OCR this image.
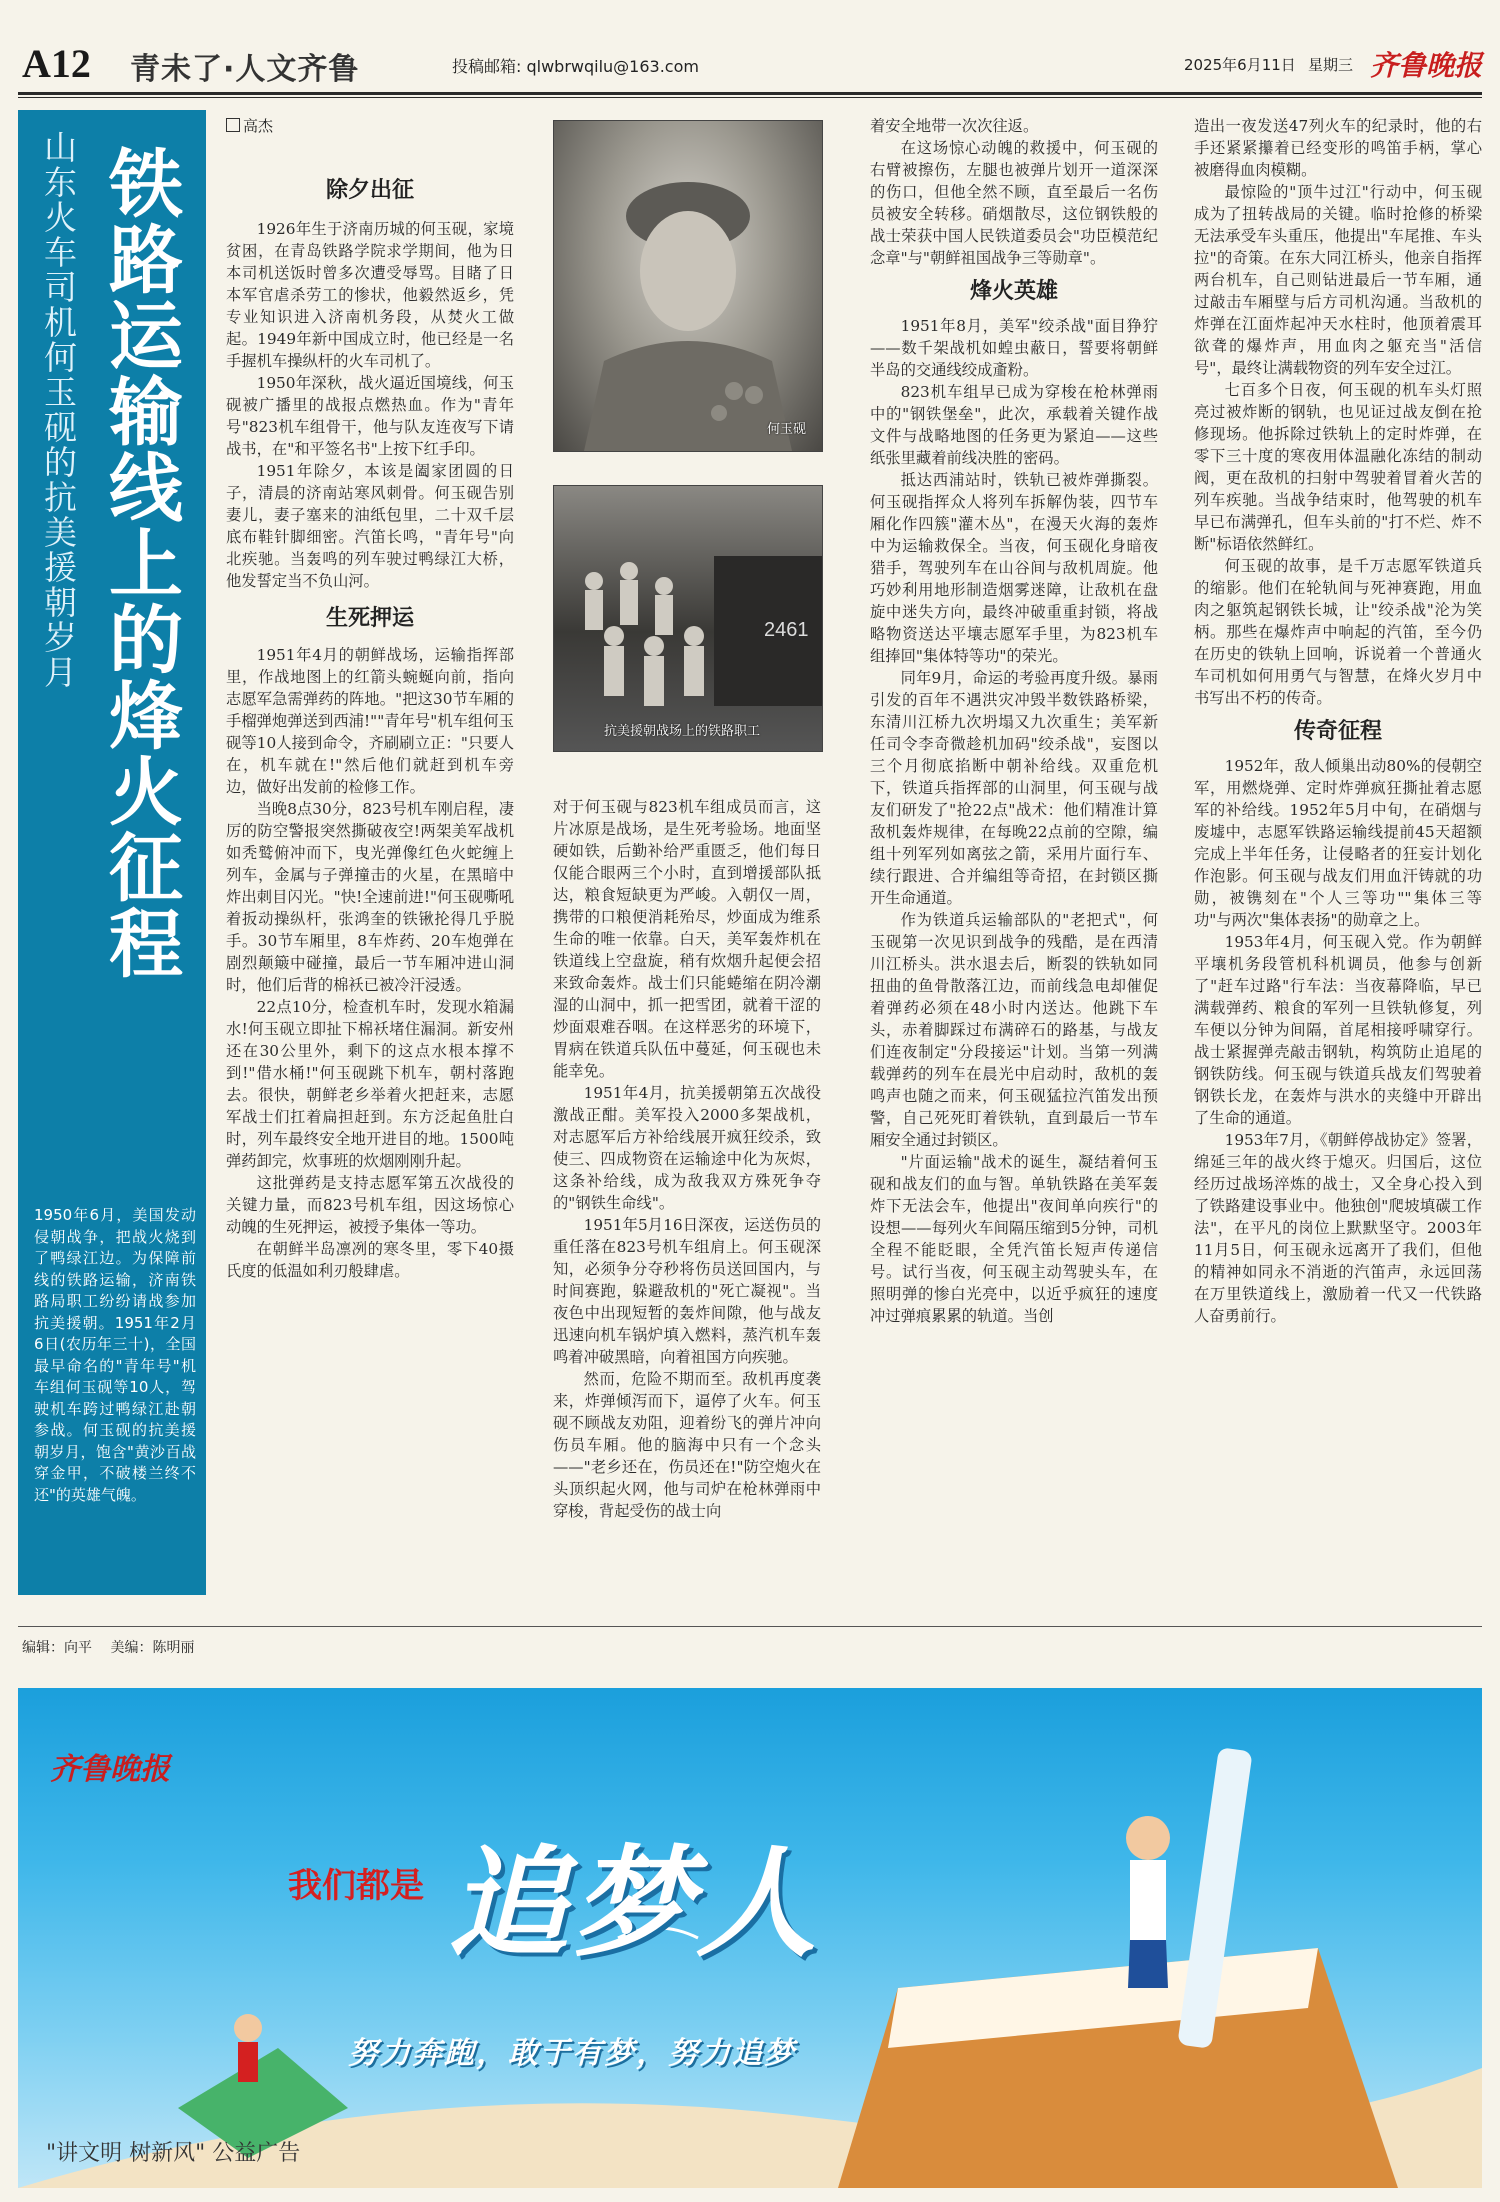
A12 青未了·人文齐鲁	投稿邮箱: qlwbrwqilu@163.com	2025年6月11日 星期三 齐鲁晚报
铁路运输线上的烽火征程
山东火车司机何玉砚的抗美援朝岁月
1950年6月，美国发动侵朝战争，把战火烧到了鸭绿江边。为保障前线的铁路运输，济南铁路局职工纷纷请战参加抗美援朝。1951年2月6日(农历年三十)，全国最早命名的"青年号"机车组何玉砚等10人，驾驶机车跨过鸭绿江赴朝参战。何玉砚的抗美援朝岁月，饱含"黄沙百战穿金甲，不破楼兰终不还"的英雄气魄。
高杰
除夕出征

1926年生于济南历城的何玉砚，家境贫困，在青岛铁路学院求学期间，他为日本司机送饭时曾多次遭受辱骂。目睹了日本军官虐杀劳工的惨状，他毅然返乡，凭专业知识进入济南机务段，从焚火工做起。1949年新中国成立时，他已经是一名手握机车操纵杆的火车司机了。

1950年深秋，战火逼近国境线，何玉砚被广播里的战报点燃热血。作为"青年号"823机车组骨干，他与队友连夜写下请战书，在"和平签名书"上按下红手印。

1951年除夕，本该是阖家团圆的日子，清晨的济南站寒风刺骨。何玉砚告别妻儿，妻子塞来的油纸包里，二十双千层底布鞋针脚细密。汽笛长鸣，"青年号"向北疾驰。当轰鸣的列车驶过鸭绿江大桥，他发誓定当不负山河。

生死押运

1951年4月的朝鲜战场，运输指挥部里，作战地图上的红箭头蜿蜒向前，指向志愿军急需弹药的阵地。"把这30节车厢的手榴弹炮弹送到西浦!""青年号"机车组何玉砚等10人接到命令，齐刷刷立正："只要人在，机车就在!"然后他们就赶到机车旁边，做好出发前的检修工作。

当晚8点30分，823号机车刚启程，凄厉的防空警报突然撕破夜空!两架美军战机如秃鹫俯冲而下，曳光弹像红色火蛇缠上列车，金属与子弹撞击的火星，在黑暗中炸出刺目闪光。"快!全速前进!"何玉砚嘶吼着扳动操纵杆，张鸿奎的铁锹抡得几乎脱手。30节车厢里，8车炸药、20车炮弹在剧烈颠簸中碰撞，最后一节车厢冲进山洞时，他们后背的棉袄已被冷汗浸透。

22点10分，检查机车时，发现水箱漏水!何玉砚立即扯下棉袄堵住漏洞。新安州还在30公里外，剩下的这点水根本撑不到!"借水桶!"何玉砚跳下机车，朝村落跑去。很快，朝鲜老乡举着火把赶来，志愿军战士们扛着扁担赶到。东方泛起鱼肚白时，列车最终安全地开进目的地。1500吨弹药卸完，炊事班的炊烟刚刚升起。

这批弹药是支持志愿军第五次战役的关键力量，而823号机车组，因这场惊心动魄的生死押运，被授予集体一等功。

在朝鲜半岛凛冽的寒冬里，零下40摄氏度的低温如利刃般肆虐。

何玉砚
2461
抗美援朝战场上的铁路职工

对于何玉砚与823机车组成员而言，这片冰原是战场，是生死考验场。地面坚硬如铁，后勤补给严重匮乏，他们每日仅能合眼两三个小时，直到增援部队抵达，粮食短缺更为严峻。入朝仅一周，携带的口粮便消耗殆尽，炒面成为维系生命的唯一依靠。白天，美军轰炸机在铁道线上空盘旋，稍有炊烟升起便会招来致命轰炸。战士们只能蜷缩在阴冷潮湿的山洞中，抓一把雪团，就着干涩的炒面艰难吞咽。在这样恶劣的环境下，胃病在铁道兵队伍中蔓延，何玉砚也未能幸免。

1951年4月，抗美援朝第五次战役激战正酣。美军投入2000多架战机，对志愿军后方补给线展开疯狂绞杀，致使三、四成物资在运输途中化为灰烬，这条补给线，成为敌我双方殊死争夺的"钢铁生命线"。

1951年5月16日深夜，运送伤员的重任落在823号机车组肩上。何玉砚深知，必须争分夺秒将伤员送回国内，与时间赛跑，躲避敌机的"死亡凝视"。当夜色中出现短暂的轰炸间隙，他与战友迅速向机车锅炉填入燃料，蒸汽机车轰鸣着冲破黑暗，向着祖国方向疾驰。

然而，危险不期而至。敌机再度袭来，炸弹倾泻而下，逼停了火车。何玉砚不顾战友劝阻，迎着纷飞的弹片冲向伤员车厢。他的脑海中只有一个念头——"老乡还在，伤员还在!"防空炮火在头顶织起火网，他与司炉在枪林弹雨中穿梭，背起受伤的战士向

着安全地带一次次往返。

在这场惊心动魄的救援中，何玉砚的右臂被擦伤，左腿也被弹片划开一道深深的伤口，但他全然不顾，直至最后一名伤员被安全转移。硝烟散尽，这位钢铁般的战士荣获中国人民铁道委员会"功臣模范纪念章"与"朝鲜祖国战争三等勋章"。

烽火英雄

1951年8月，美军"绞杀战"面目狰狞——数千架战机如蝗虫蔽日，誓要将朝鲜半岛的交通线绞成齑粉。

823机车组早已成为穿梭在枪林弹雨中的"钢铁堡垒"，此次，承载着关键作战文件与战略地图的任务更为紧迫——这些纸张里藏着前线决胜的密码。

抵达西浦站时，铁轨已被炸弹撕裂。何玉砚指挥众人将列车拆解伪装，四节车厢化作四簇"灌木丛"，在漫天火海的轰炸中为运输救保全。当夜，何玉砚化身暗夜猎手，驾驶列车在山谷间与敌机周旋。他巧妙利用地形制造烟雾迷障，让敌机在盘旋中迷失方向，最终冲破重重封锁，将战略物资送达平壤志愿军手里，为823机车组捧回"集体特等功"的荣光。

同年9月，命运的考验再度升级。暴雨引发的百年不遇洪灾冲毁半数铁路桥梁，东清川江桥九次坍塌又九次重生；美军新任司令李奇微趁机加码"绞杀战"，妄图以三个月彻底掐断中朝补给线。双重危机下，铁道兵指挥部的山洞里，何玉砚与战友们研发了"抢22点"战术：他们精准计算敌机轰炸规律，在每晚22点前的空隙，编组十列军列如离弦之箭，采用片面行车、续行跟进、合并编组等奇招，在封锁区撕开生命通道。

作为铁道兵运输部队的"老把式"，何玉砚第一次见识到战争的残酷，是在西清川江桥头。洪水退去后，断裂的铁轨如同扭曲的鱼骨散落江边，而前线急电却催促着弹药必须在48小时内送达。他跳下车头，赤着脚踩过布满碎石的路基，与战友们连夜制定"分段接运"计划。当第一列满载弹药的列车在晨光中启动时，敌机的轰鸣声也随之而来，何玉砚猛拉汽笛发出预警，自己死死盯着铁轨，直到最后一节车厢安全通过封锁区。

"片面运输"战术的诞生，凝结着何玉砚和战友们的血与智。单轨铁路在美军轰炸下无法会车，他提出"夜间单向疾行"的设想——每列火车间隔压缩到5分钟，司机全程不能眨眼，全凭汽笛长短声传递信号。试行当夜，何玉砚主动驾驶头车，在照明弹的惨白光亮中，以近乎疯狂的速度冲过弹痕累累的轨道。当创

造出一夜发送47列火车的纪录时，他的右手还紧紧攥着已经变形的鸣笛手柄，掌心被磨得血肉模糊。

最惊险的"顶牛过江"行动中，何玉砚成为了扭转战局的关键。临时抢修的桥梁无法承受车头重压，他提出"车尾推、车头拉"的奇策。在东大同江桥头，他亲自指挥两台机车，自己则钻进最后一节车厢，通过敲击车厢壁与后方司机沟通。当敌机的炸弹在江面炸起冲天水柱时，他顶着震耳欲聋的爆炸声，用血肉之躯充当"活信号"，最终让满载物资的列车安全过江。

七百多个日夜，何玉砚的机车头灯照亮过被炸断的钢轨，也见证过战友倒在抢修现场。他拆除过铁轨上的定时炸弹，在零下三十度的寒夜用体温融化冻结的制动阀，更在敌机的扫射中驾驶着冒着火苦的列车疾驰。当战争结束时，他驾驶的机车早已布满弹孔，但车头前的"打不烂、炸不断"标语依然鲜红。

何玉砚的故事，是千万志愿军铁道兵的缩影。他们在轮轨间与死神赛跑，用血肉之躯筑起钢铁长城，让"绞杀战"沦为笑柄。那些在爆炸声中响起的汽笛，至今仍在历史的铁轨上回响，诉说着一个普通火车司机如何用勇气与智慧，在烽火岁月中书写出不朽的传奇。

传奇征程

1952年，敌人倾巢出动80%的侵朝空军，用燃烧弹、定时炸弹疯狂撕扯着志愿军的补给线。1952年5月中旬，在硝烟与废墟中，志愿军铁路运输线提前45天超额完成上半年任务，让侵略者的狂妄计划化作泡影。何玉砚与战友们用血汗铸就的功勋，被镌刻在"个人三等功""集体三等功"与两次"集体表扬"的勋章之上。

1953年4月，何玉砚入党。作为朝鲜平壤机务段管机科机调员，他参与创新了"赶车过路"行车法：当夜幕降临，早已满载弹药、粮食的军列一旦铁轨修复，列车便以分钟为间隔，首尾相接呼啸穿行。战士紧握弹壳敲击钢轨，构筑防止追尾的钢铁防线。何玉砚与铁道兵战友们驾驶着钢铁长龙，在轰炸与洪水的夹缝中开辟出了生命的通道。

1953年7月，《朝鲜停战协定》签署，绵延三年的战火终于熄灭。归国后，这位经历过战场淬炼的战士，又全身心投入到了铁路建设事业中。他独创"爬坡填碳工作法"，在平凡的岗位上默默坚守。2003年11月5日，何玉砚永远离开了我们，但他的精神如同永不消逝的汽笛声，永远回荡在万里铁道线上，激励着一代又一代铁路人奋勇前行。

编辑：向平 美编：陈明丽
齐鲁晚报
我们都是 追梦人
努力奔跑，敢于有梦，努力追梦
"讲文明 树新风" 公益广告
